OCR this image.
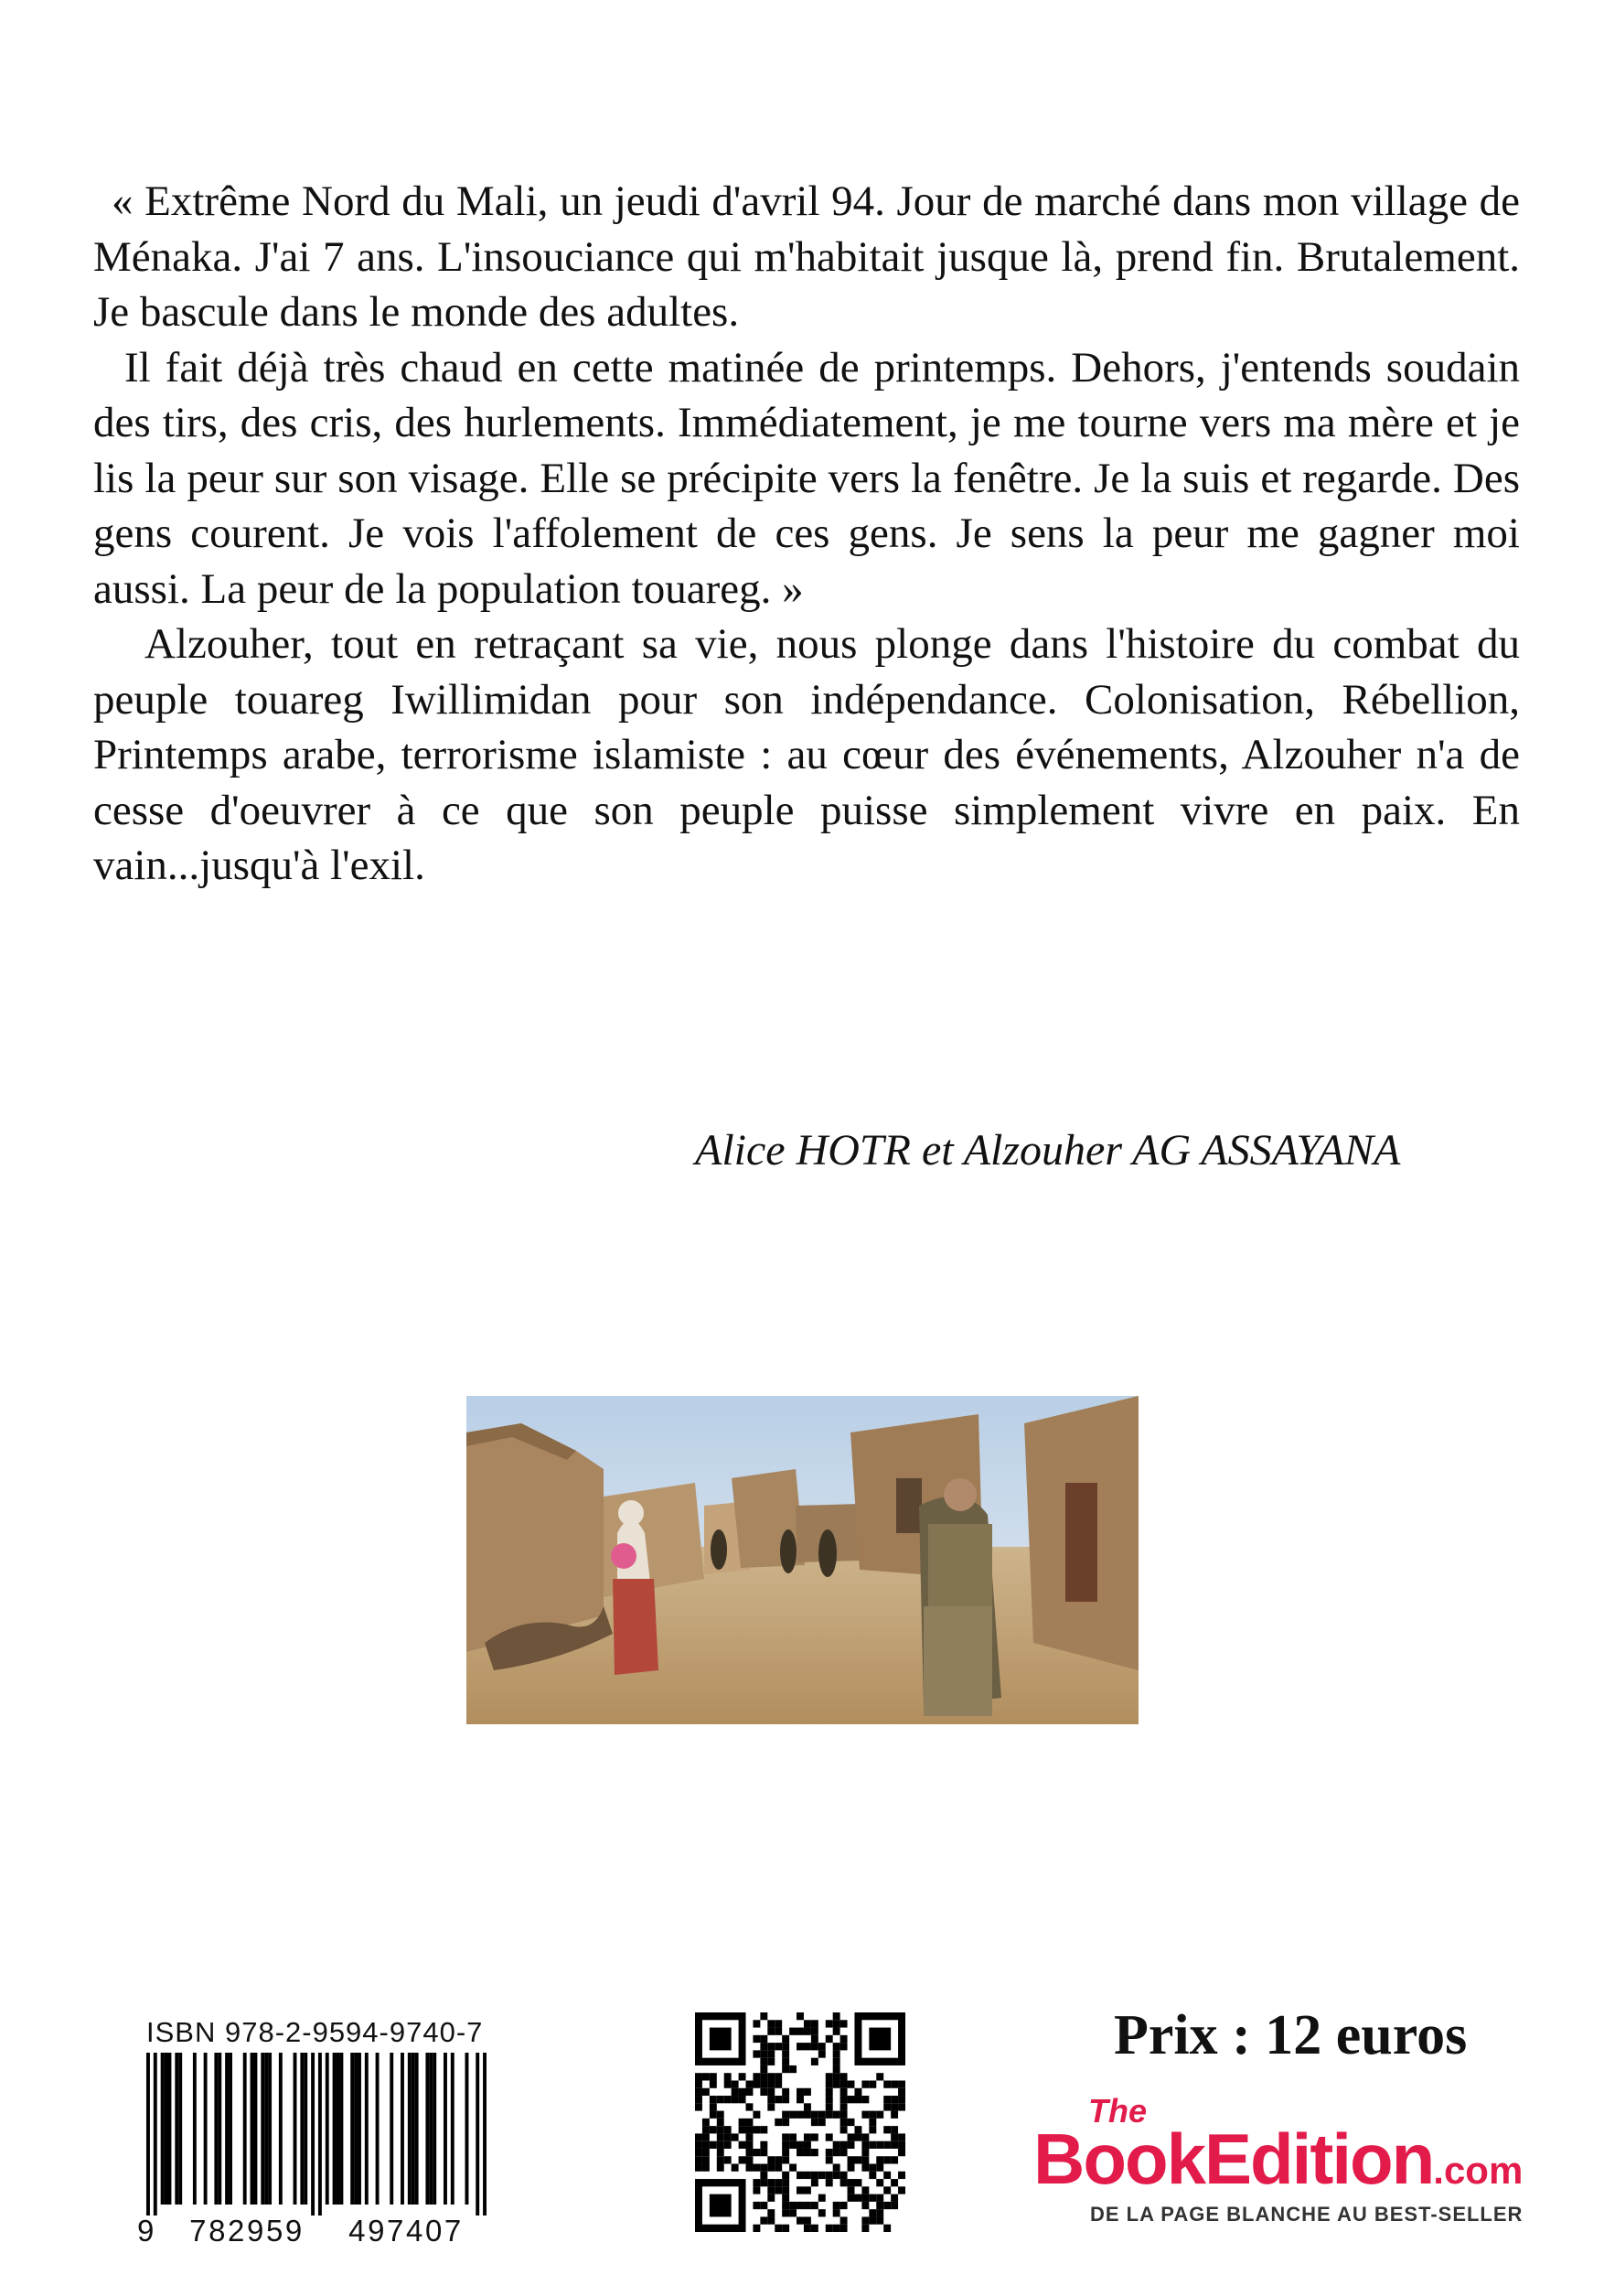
« Extrême Nord du Mali, un jeudi d'avril 94. Jour de marché dans mon village de Ménaka. J'ai 7 ans. L'insouciance qui m'habitait jusque là, prend fin. Brutalement. Je bascule dans le monde des adultes.

Il fait déjà très chaud en cette matinée de printemps. Dehors, j'entends soudain des tirs, des cris, des hurlements. Immédiatement, je me tourne vers ma mère et je lis la peur sur son visage. Elle se précipite vers la fenêtre. Je la suis et regarde. Des gens courent. Je vois l'affolement de ces gens. Je sens la peur me gagner moi aussi. La peur de la population touareg. »

Alzouher, tout en retraçant sa vie, nous plonge dans l'histoire du combat du peuple touareg Iwillimidan pour son indépendance. Colonisation, Rébellion, Printemps arabe, terrorisme islamiste : au cœur des événements, Alzouher n'a de cesse d'oeuvrer à ce que son peuple puisse simplement vivre en paix. En vain...jusqu'à l'exil.

Alice HOTR et Alzouher AG ASSAYANA
ISBN 978-2-9594-9740-7
9	782959	497407
Prix : 12 euros
The
BookEdition.com
DE LA PAGE BLANCHE AU BEST-SELLER
